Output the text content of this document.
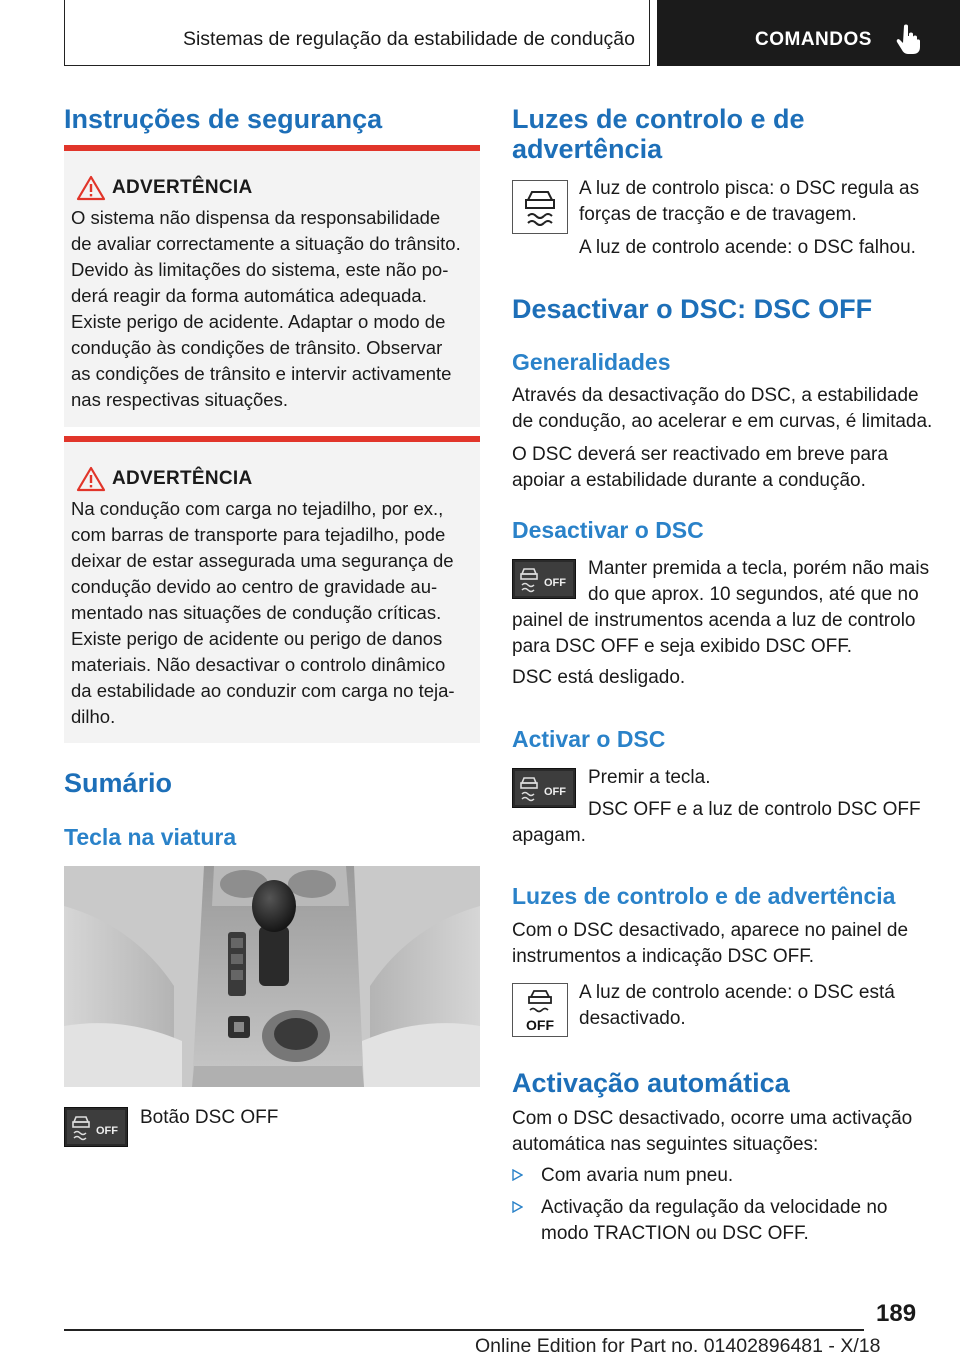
Sistemas de regulação da estabilidade de condução	COMANDOS
Instruções de segurança
ADVERTÊNCIA
O sistema não dispensa da responsabilidade
de avaliar correctamente a situação do trânsito.
Devido às limitações do sistema, este não po-
derá reagir da forma automática adequada.
Existe perigo de acidente. Adaptar o modo de
condução às condições de trânsito. Observar
as condições de trânsito e intervir activamente
nas respectivas situações.
ADVERTÊNCIA
Na condução com carga no tejadilho, por ex.,
com barras de transporte para tejadilho, pode
deixar de estar assegurada uma segurança de
condução devido ao centro de gravidade au-
mentado nas situações de condução críticas.
Existe perigo de acidente ou perigo de danos
materiais. Não desactivar o controlo dinâmico
da estabilidade ao conduzir com carga no teja-
dilho.
Sumário
Tecla na viatura
OFF

Botão DSC OFF

Luzes de controlo e de
advertência

A luz de controlo pisca: o DSC regula as

forças de tracção e de travagem.

A luz de controlo acende: o DSC falhou.

Desactivar o DSC: DSC OFF
Generalidades

Através da desactivação do DSC, a estabilidade

de condução, ao acelerar e em curvas, é limitada.

O DSC deverá ser reactivado em breve para

apoiar a estabilidade durante a condução.

Desactivar o DSC
OFF

Manter premida a tecla, porém não mais

do que aprox. 10 segundos, até que no

painel de instrumentos acenda a luz de controlo

para DSC OFF e seja exibido DSC OFF.

DSC está desligado.

Activar o DSC
OFF

Premir a tecla.

DSC OFF e a luz de controlo DSC OFF

apagam.

Luzes de controlo e de advertência

Com o DSC desactivado, aparece no painel de

instrumentos a indicação DSC OFF.

OFF

A luz de controlo acende: o DSC está

desactivado.

Activação automática

Com o DSC desactivado, ocorre uma activação

automática nas seguintes situações:

Com avaria num pneu.
Activação da regulação da velocidade no
modo TRACTION ou DSC OFF.
189
Online Edition for Part no. 01402896481 - X/18
